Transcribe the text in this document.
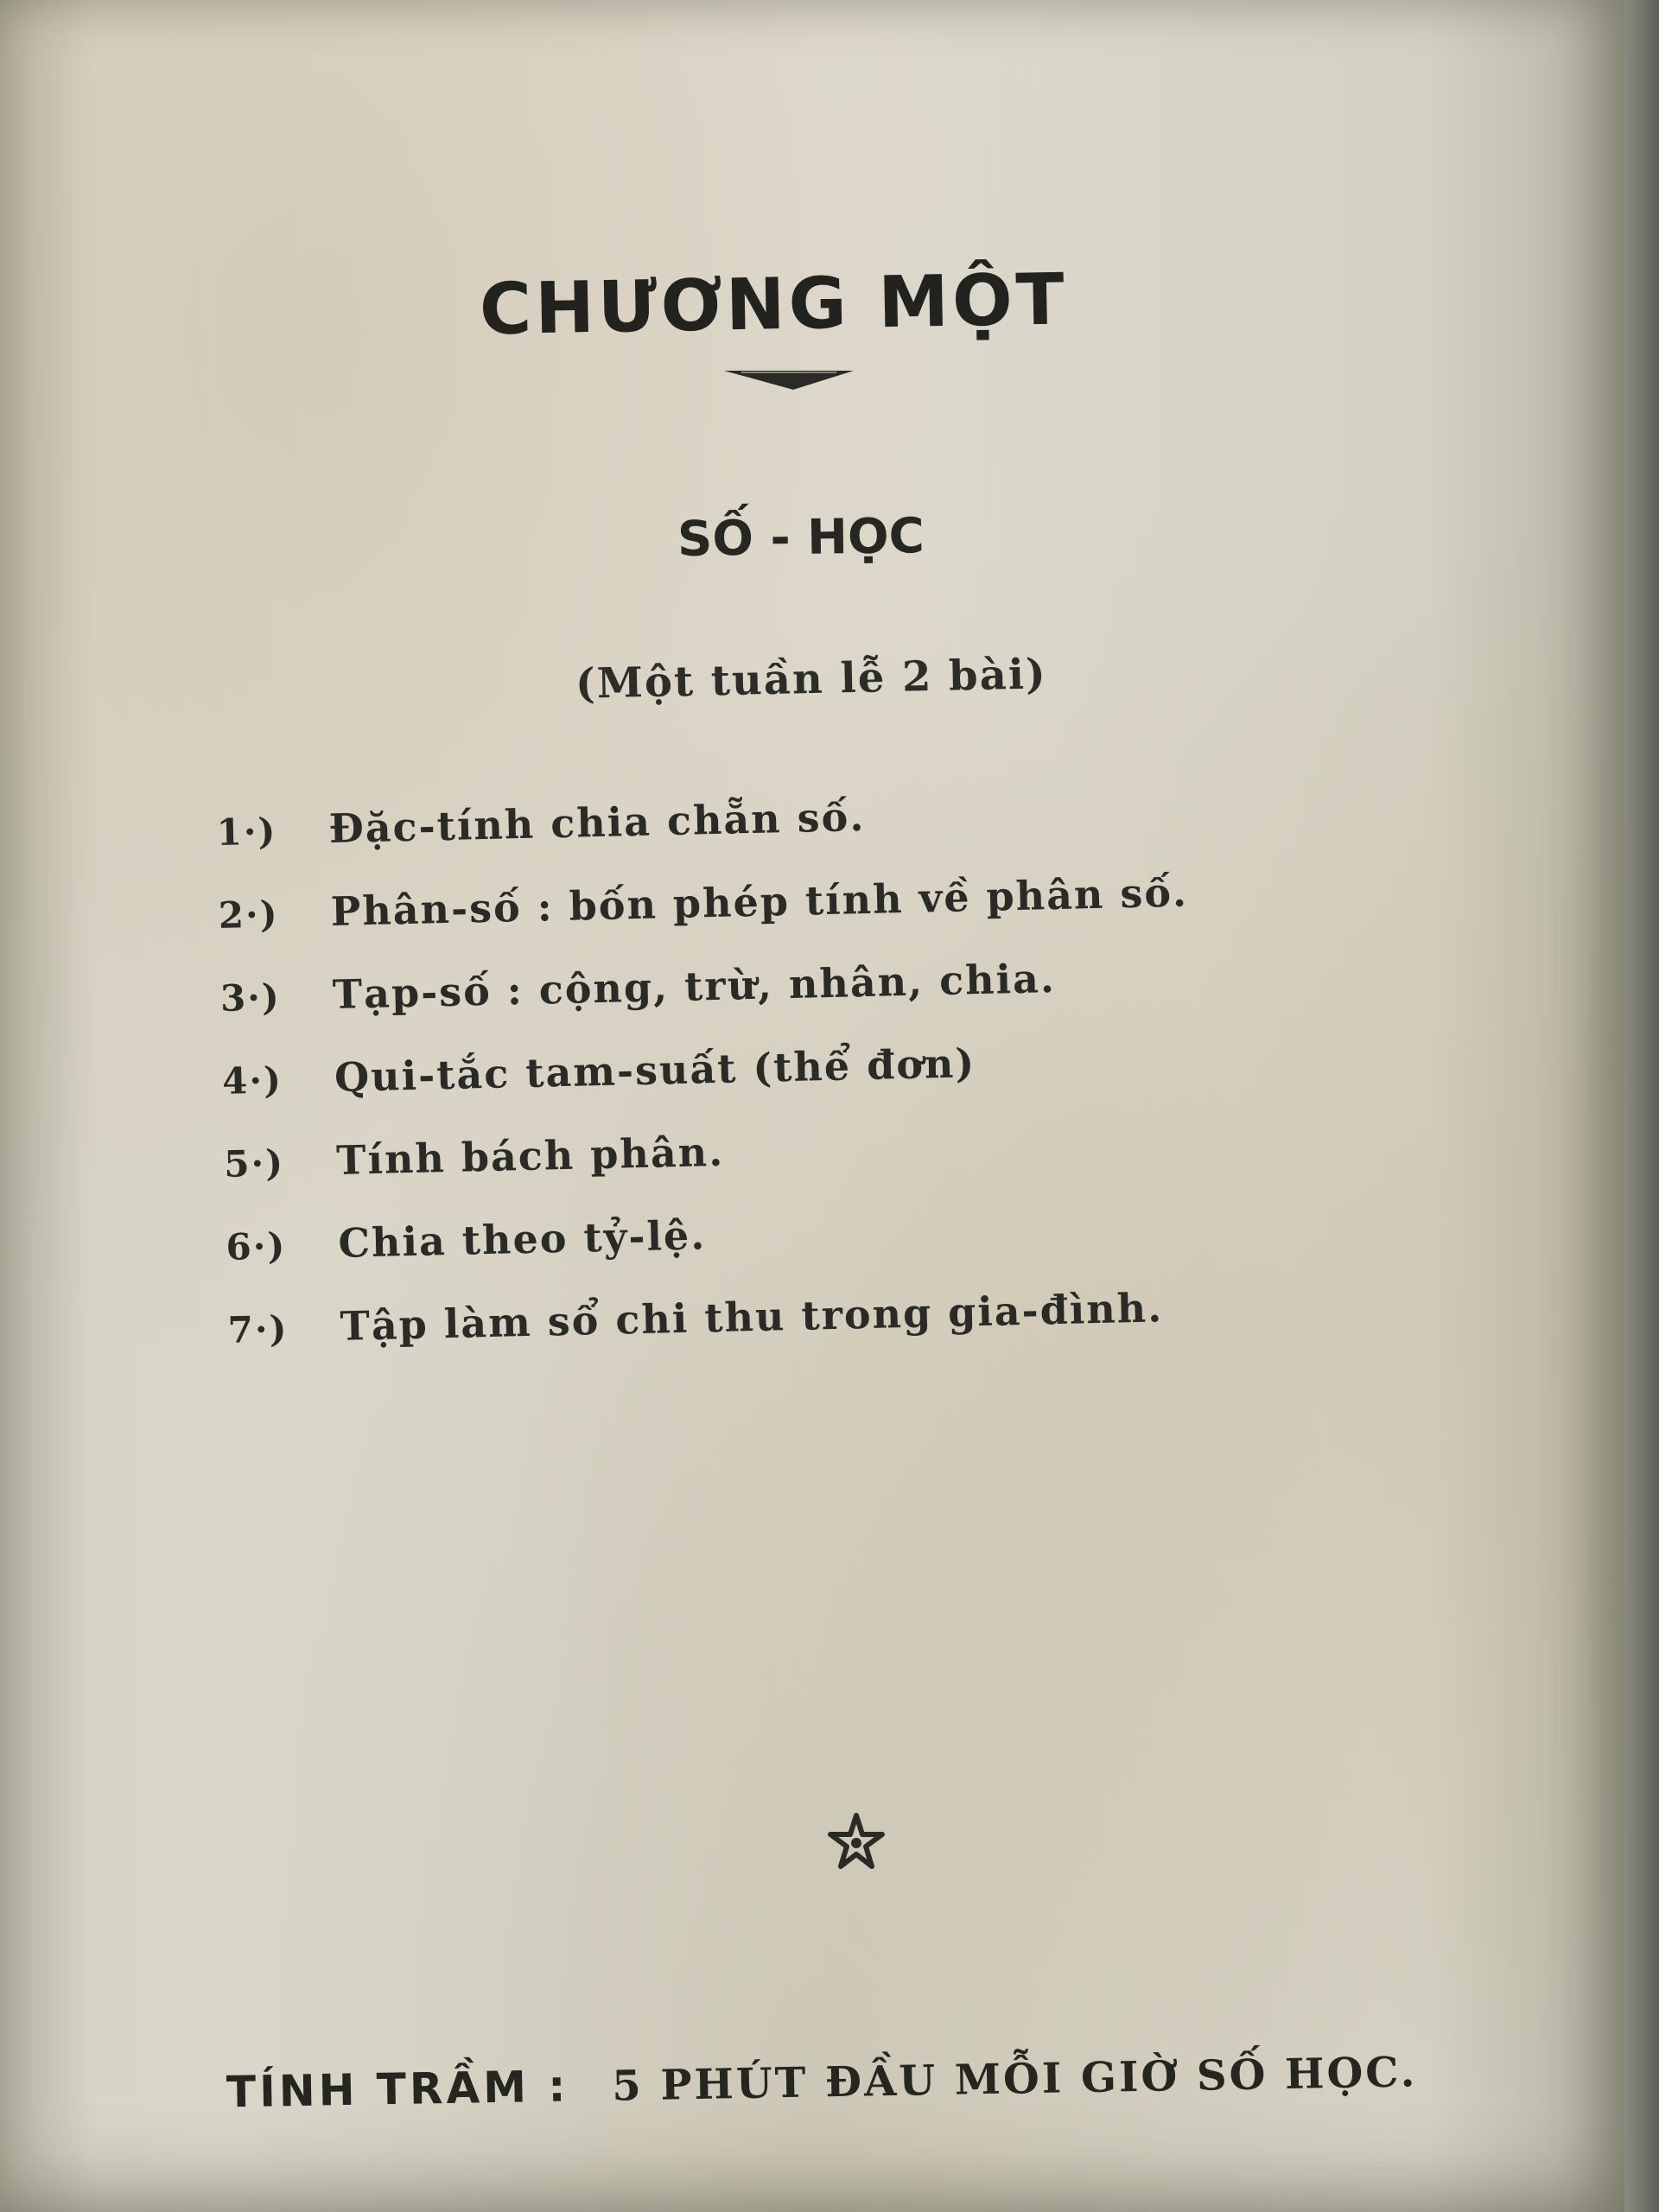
CHƯƠNG MỘT
SỐ - HỌC
(Một tuần lễ 2 bài)
1·)	Đặc-tính chia chẵn số.
2·)	Phân-số : bốn phép tính về phân số.
3·)	Tạp-số : cộng, trừ, nhân, chia.
4·)	Qui-tắc tam-suất (thể đơn)
5·)	Tính bách phân.
6·)	Chia theo tỷ-lệ.
7·)	Tập làm sổ chi thu trong gia-đình.
TÍNH TRẦM : 5 PHÚT ĐẦU MỖI GIỜ SỐ HỌC.
